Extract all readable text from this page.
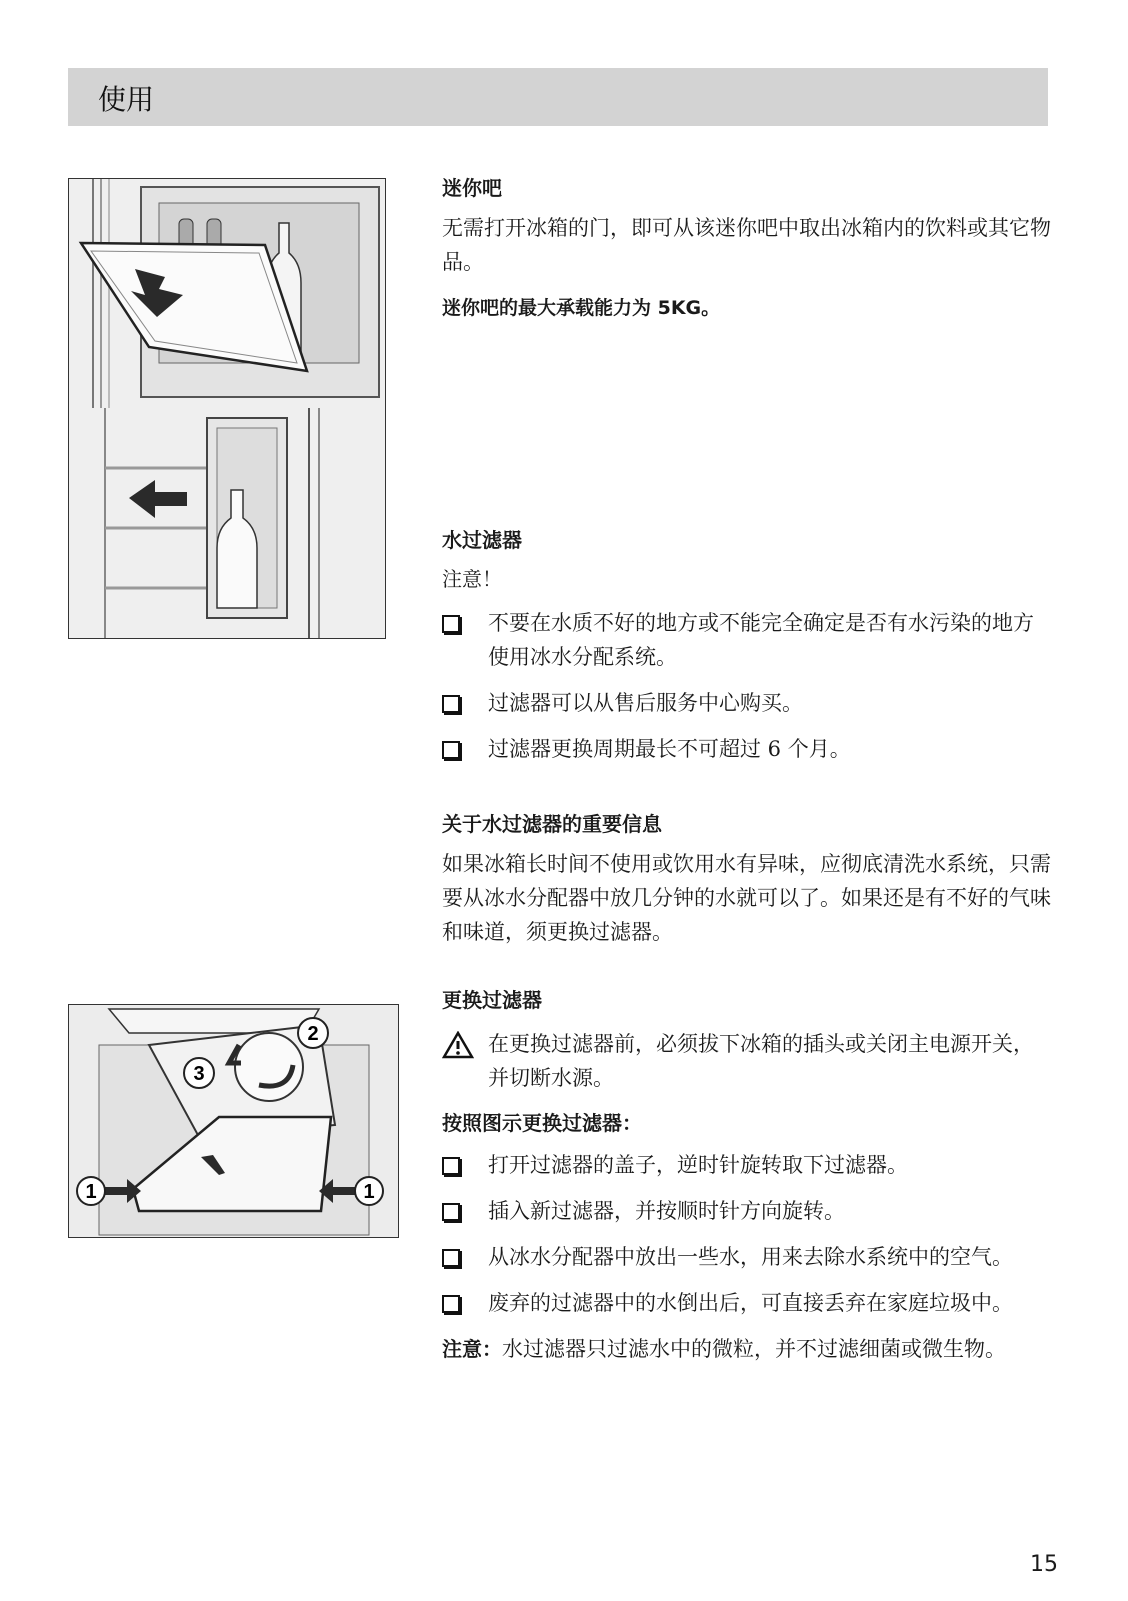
使用
1	1
2
3
迷你吧

无需打开冰箱的门，即可从该迷你吧中取出冰箱内的饮料或其它物品。

迷你吧的最大承载能力为 5KG。

水过滤器
注意！
不要在水质不好的地方或不能完全确定是否有水污染的地方使用冰水分配系统。
过滤器可以从售后服务中心购买。
过滤器更换周期最长不可超过 6 个月。
关于水过滤器的重要信息

如果冰箱长时间不使用或饮用水有异味，应彻底清洗水系统，只需要从冰水分配器中放几分钟的水就可以了。如果还是有不好的气味和味道，须更换过滤器。

更换过滤器

在更换过滤器前，必须拔下冰箱的插头或关闭主电源开关，并切断水源。

按照图示更换过滤器：
打开过滤器的盖子，逆时针旋转取下过滤器。
插入新过滤器，并按顺时针方向旋转。
从冰水分配器中放出一些水，用来去除水系统中的空气。
废弃的过滤器中的水倒出后，可直接丢弃在家庭垃圾中。
注意：水过滤器只过滤水中的微粒，并不过滤细菌或微生物。
15
